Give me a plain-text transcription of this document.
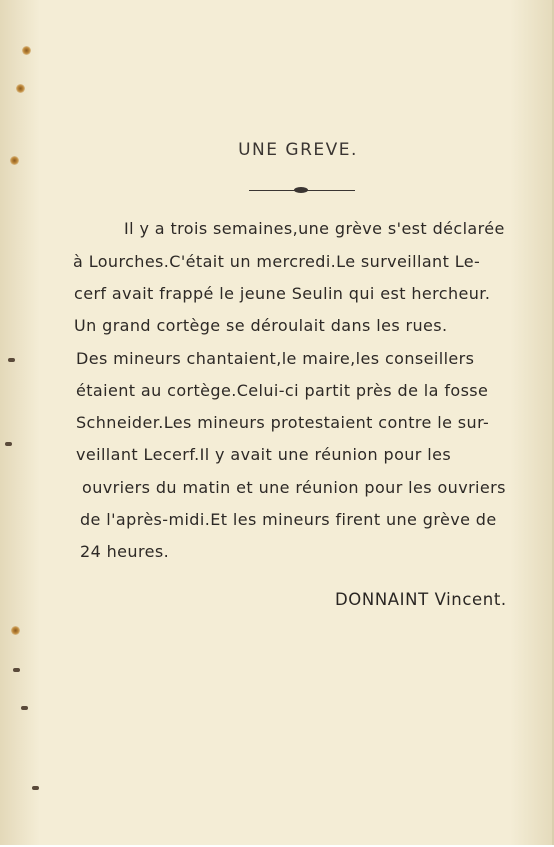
UNE GREVE.
Il y a trois semaines,une grève s'est déclarée
à Lourches.C'était un mercredi.Le surveillant Le-
cerf avait frappé le jeune Seulin qui est hercheur.
Un grand cortège se déroulait dans les rues.
Des mineurs chantaient,le maire,les conseillers
étaient au cortège.Celui-ci partit près de la fosse
Schneider.Les mineurs protestaient contre le sur-
veillant Lecerf.Il y avait une réunion pour les
ouvriers du matin et une réunion pour les ouvriers
de l'après-midi.Et les mineurs firent une grève de
24 heures.
DONNAINT Vincent.
